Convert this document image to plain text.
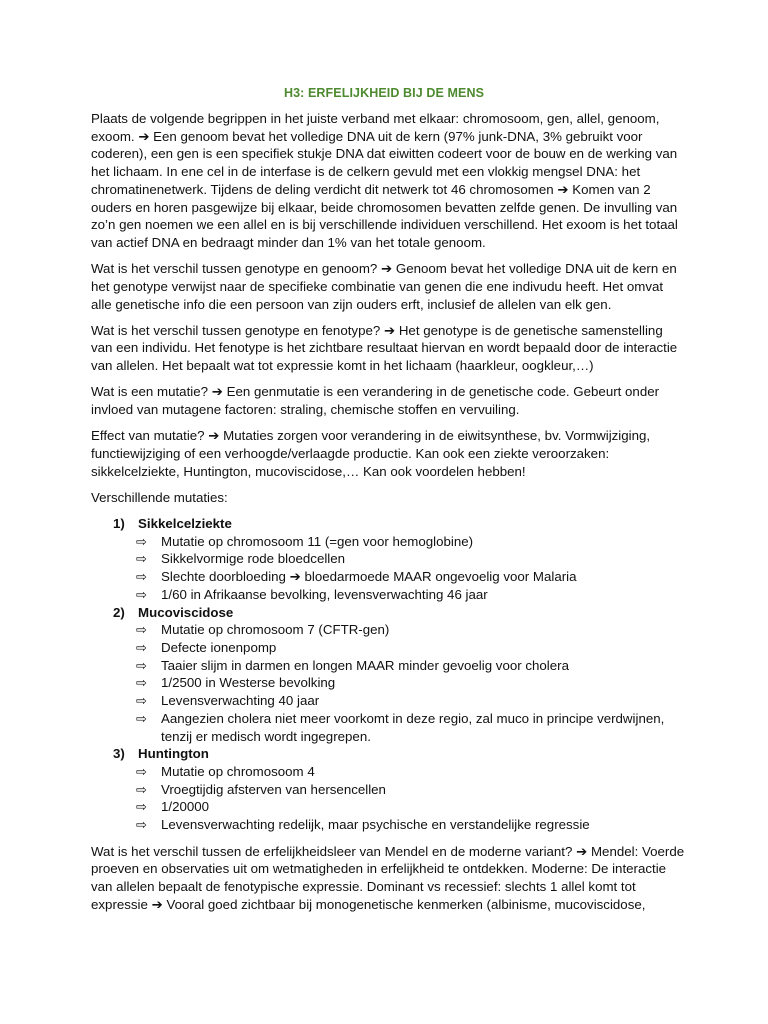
H3: ERFELIJKHEID BIJ DE MENS

Plaats de volgende begrippen in het juiste verband met elkaar: chromosoom, gen, allel, genoom, exoom. ➔ Een genoom bevat het volledige DNA uit de kern (97% junk-DNA, 3% gebruikt voor coderen), een gen is een specifiek stukje DNA dat eiwitten codeert voor de bouw en de werking van het lichaam. In ene cel in de interfase is de celkern gevuld met een vlokkig mengsel DNA: het chromatinenetwerk. Tijdens de deling verdicht dit netwerk tot 46 chromosomen ➔ Komen van 2 ouders en horen pasgewijze bij elkaar, beide chromosomen bevatten zelfde genen. De invulling van zo’n gen noemen we een allel en is bij verschillende individuen verschillend. Het exoom is het totaal van actief DNA en bedraagt minder dan 1% van het totale genoom.

Wat is het verschil tussen genotype en genoom? ➔ Genoom bevat het volledige DNA uit de kern en het genotype verwijst naar de specifieke combinatie van genen die ene indivudu heeft. Het omvat alle genetische info die een persoon van zijn ouders erft, inclusief de allelen van elk gen.

Wat is het verschil tussen genotype en fenotype? ➔ Het genotype is de genetische samenstelling van een individu. Het fenotype is het zichtbare resultaat hiervan en wordt bepaald door de interactie van allelen. Het bepaalt wat tot expressie komt in het lichaam (haarkleur, oogkleur,…)

Wat is een mutatie? ➔ Een genmutatie is een verandering in de genetische code. Gebeurt onder invloed van mutagene factoren: straling, chemische stoffen en vervuiling.

Effect van mutatie? ➔ Mutaties zorgen voor verandering in de eiwitsynthese, bv. Vormwijziging, functiewijziging of een verhoogde/verlaagde productie. Kan ook een ziekte veroorzaken: sikkelcelziekte, Huntington, mucoviscidose,… Kan ook voordelen hebben!

Verschillende mutaties:

1) Sikkelcelziekte
⇨ Mutatie op chromosoom 11 (=gen voor hemoglobine)
⇨ Sikkelvormige rode bloedcellen
⇨ Slechte doorbloeding ➔ bloedarmoede MAAR ongevoelig voor Malaria
⇨ 1/60 in Afrikaanse bevolking, levensverwachting 46 jaar
2) Mucoviscidose
⇨ Mutatie op chromosoom 7 (CFTR-gen)
⇨ Defecte ionenpomp
⇨ Taaier slijm in darmen en longen MAAR minder gevoelig voor cholera
⇨ 1/2500 in Westerse bevolking
⇨ Levensverwachting 40 jaar
⇨ Aangezien cholera niet meer voorkomt in deze regio, zal muco in principe verdwijnen, tenzij er medisch wordt ingegrepen.
3) Huntington
⇨ Mutatie op chromosoom 4
⇨ Vroegtijdig afsterven van hersencellen
⇨ 1/20000
⇨ Levensverwachting redelijk, maar psychische en verstandelijke regressie

Wat is het verschil tussen de erfelijkheidsleer van Mendel en de moderne variant? ➔ Mendel: Voerde proeven en observaties uit om wetmatigheden in erfelijkheid te ontdekken. Moderne: De interactie van allelen bepaalt de fenotypische expressie. Dominant vs recessief: slechts 1 allel komt tot expressie ➔ Vooral goed zichtbaar bij monogenetische kenmerken (albinisme, mucoviscidose,
